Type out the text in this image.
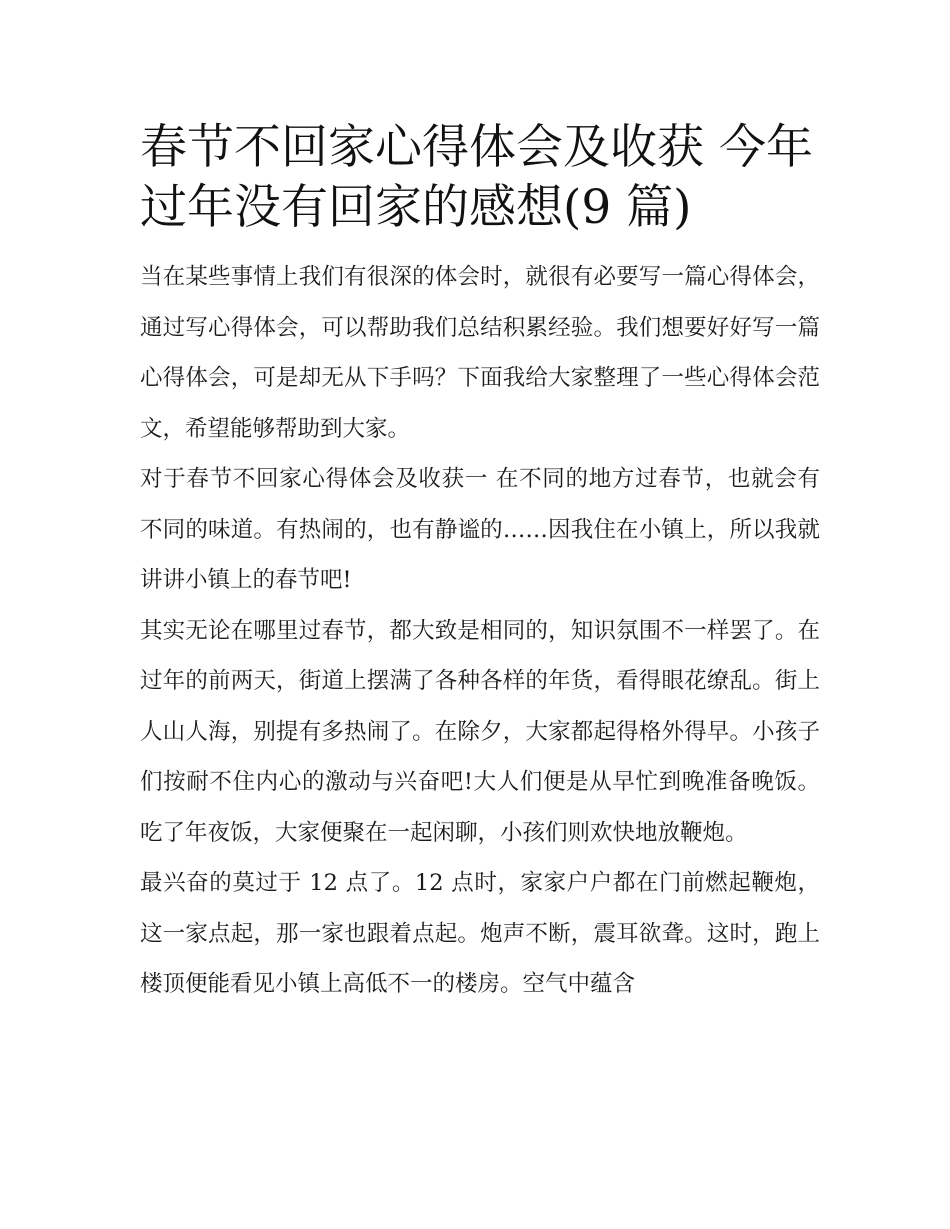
春节不回家心得体会及收获 今年过年没有回家的感想(9 篇)

当在某些事情上我们有很深的体会时，就很有必要写一篇心得体会，通过写心得体会，可以帮助我们总结积累经验。我们想要好好写一篇心得体会，可是却无从下手吗？下面我给大家整理了一些心得体会范文，希望能够帮助到大家。

对于春节不回家心得体会及收获一 在不同的地方过春节，也就会有不同的味道。有热闹的，也有静谧的……因我住在小镇上，所以我就讲讲小镇上的春节吧!

其实无论在哪里过春节，都大致是相同的，知识氛围不一样罢了。在过年的前两天，街道上摆满了各种各样的年货，看得眼花缭乱。街上人山人海，别提有多热闹了。在除夕，大家都起得格外得早。小孩子们按耐不住内心的激动与兴奋吧!大人们便是从早忙到晚准备晚饭。吃了年夜饭，大家便聚在一起闲聊，小孩们则欢快地放鞭炮。

最兴奋的莫过于 12 点了。12 点时，家家户户都在门前燃起鞭炮，这一家点起，那一家也跟着点起。炮声不断，震耳欲聋。这时，跑上楼顶便能看见小镇上高低不一的楼房。空气中蕴含
